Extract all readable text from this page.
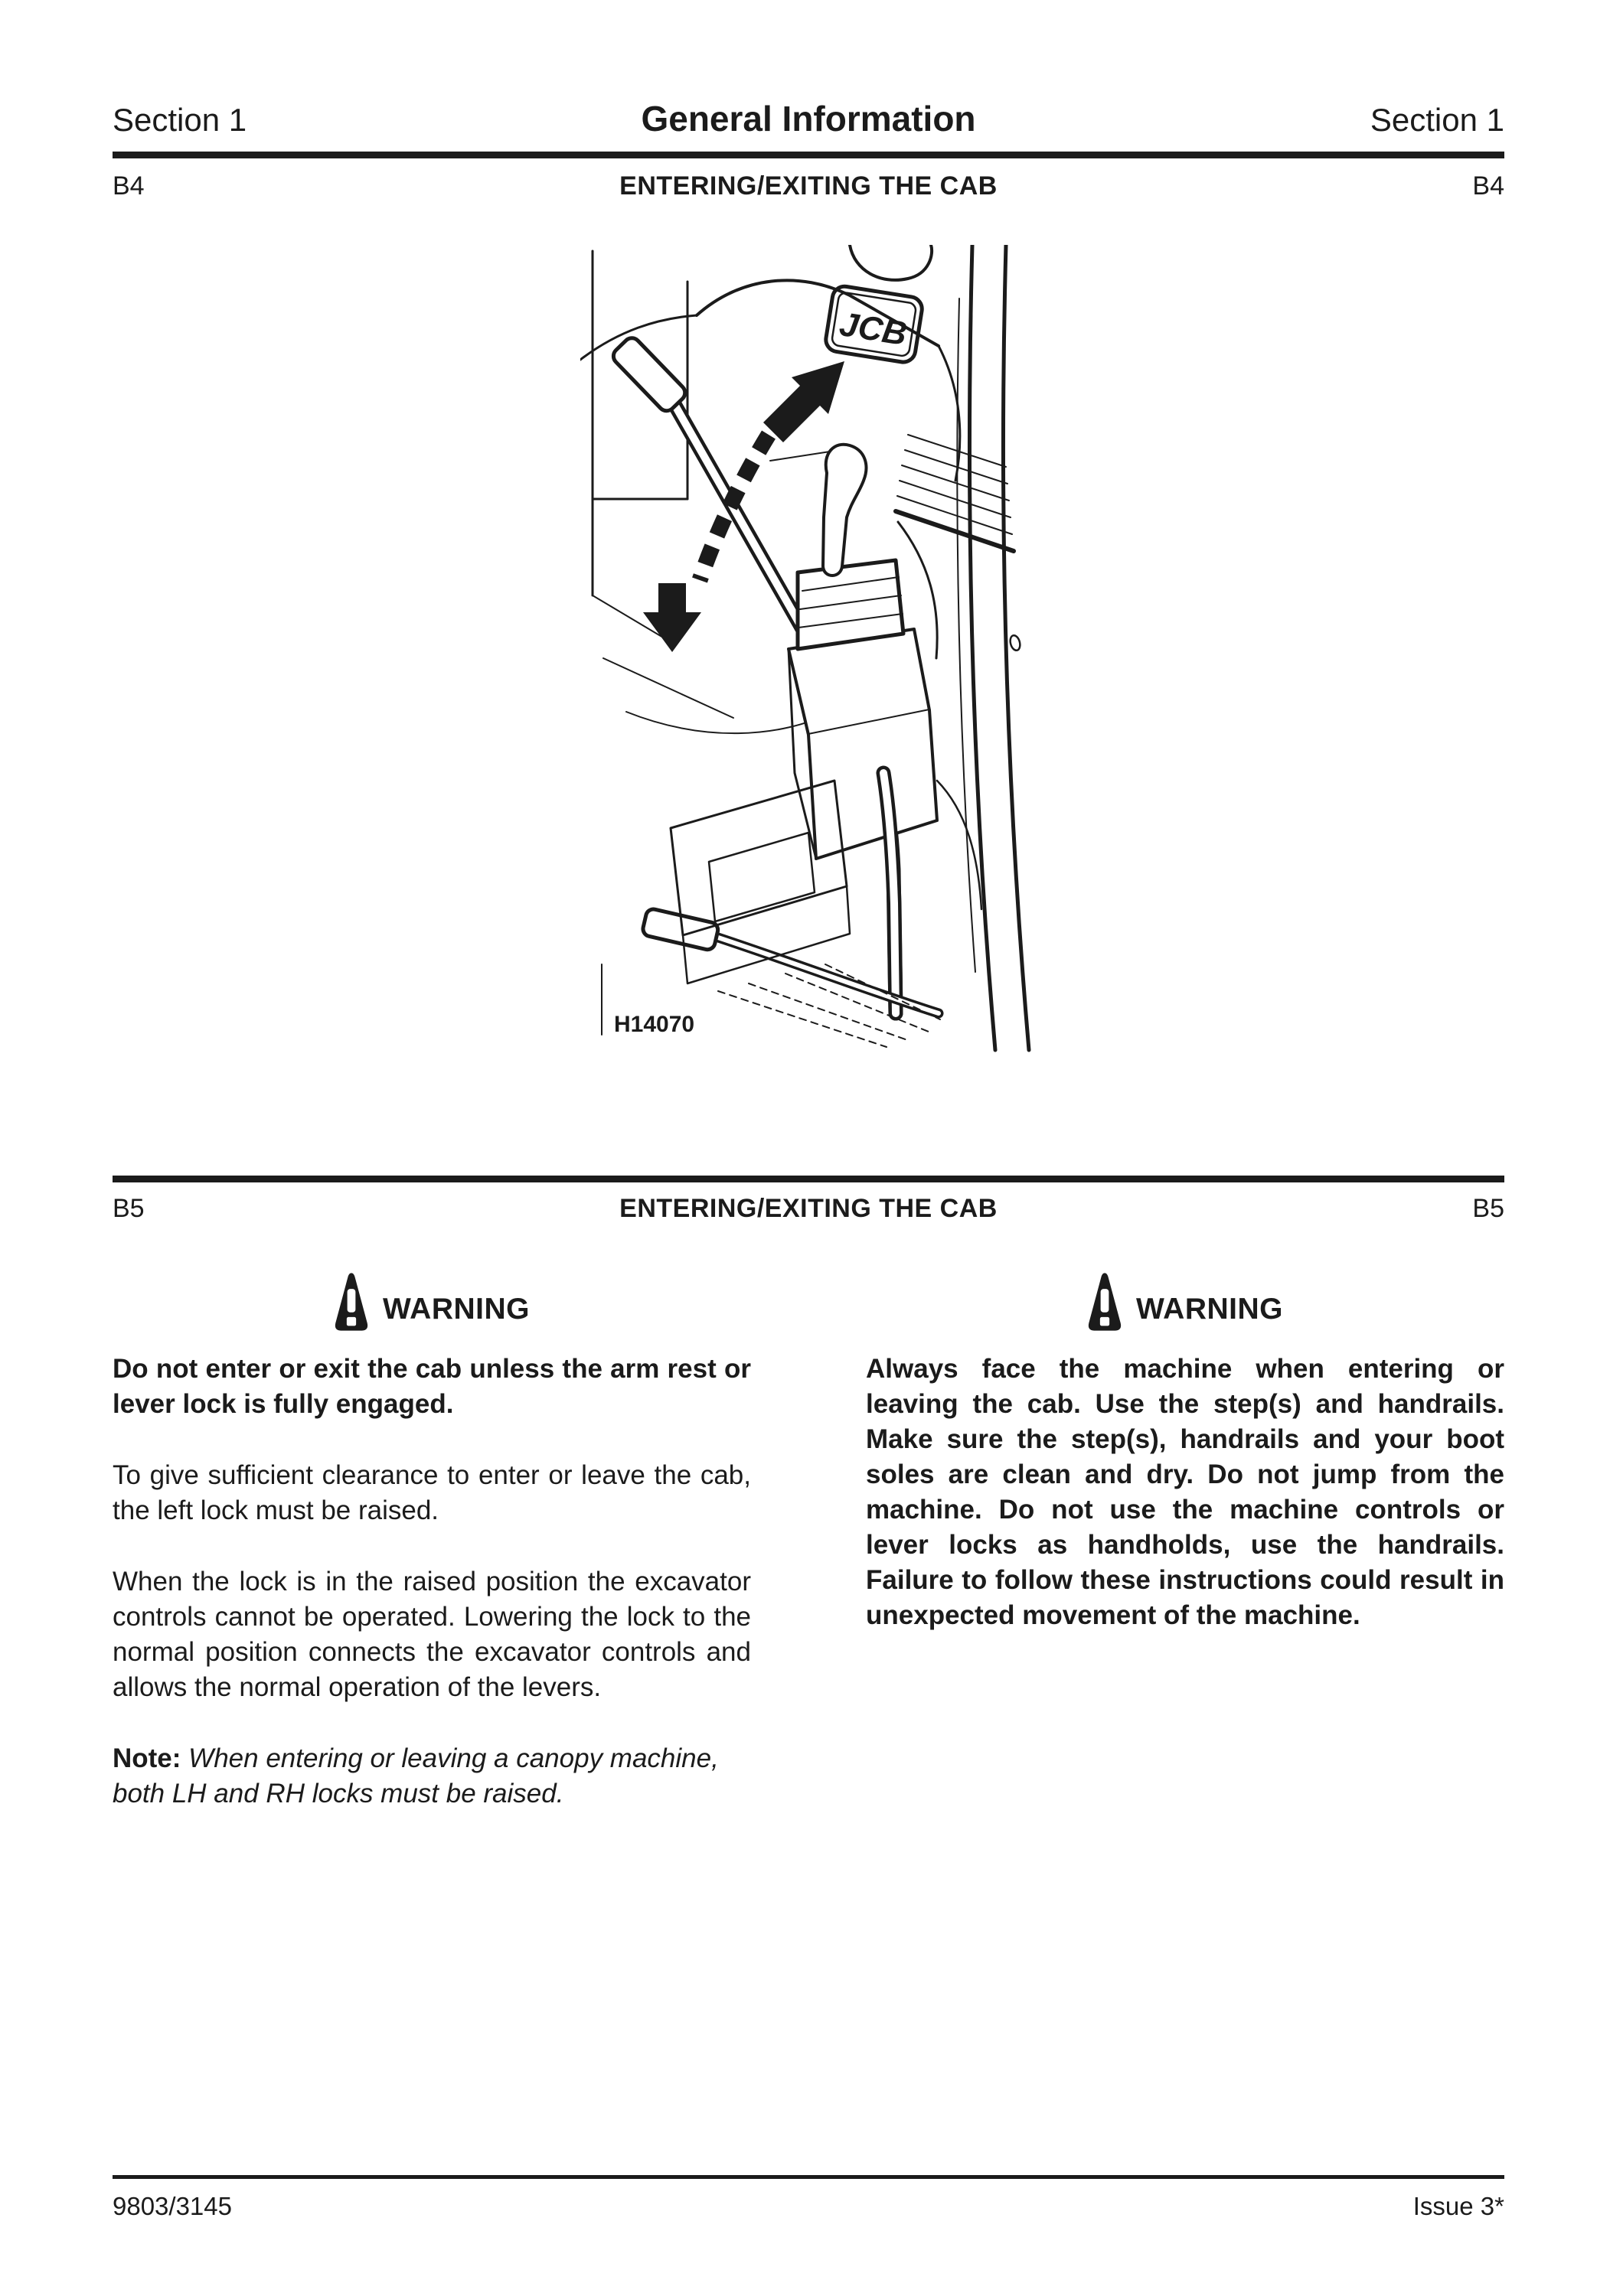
Section 1	General Information	Section 1
B4	ENTERING/EXITING THE CAB	B4
JCB
H14070
B5	ENTERING/EXITING THE CAB	B5
WARNING

Do not enter or exit the cab unless the arm rest or lever lock is fully engaged.

To give sufficient clearance to enter or leave the cab, the left lock must be raised.

When the lock is in the raised position the excavator controls cannot be operated. Lowering the lock to the normal position connects the excavator controls and allows the normal operation of the levers.

Note: When entering or leaving a canopy machine, both LH and RH locks must be raised.

WARNING

Always face the machine when entering or leaving the cab. Use the step(s) and handrails. Make sure the step(s), handrails and your boot soles are clean and dry. Do not jump from the machine. Do not use the machine controls or lever locks as handholds, use the handrails. Failure to follow these instructions could result in unexpected movement of the machine.

9803/3145	Issue 3*
